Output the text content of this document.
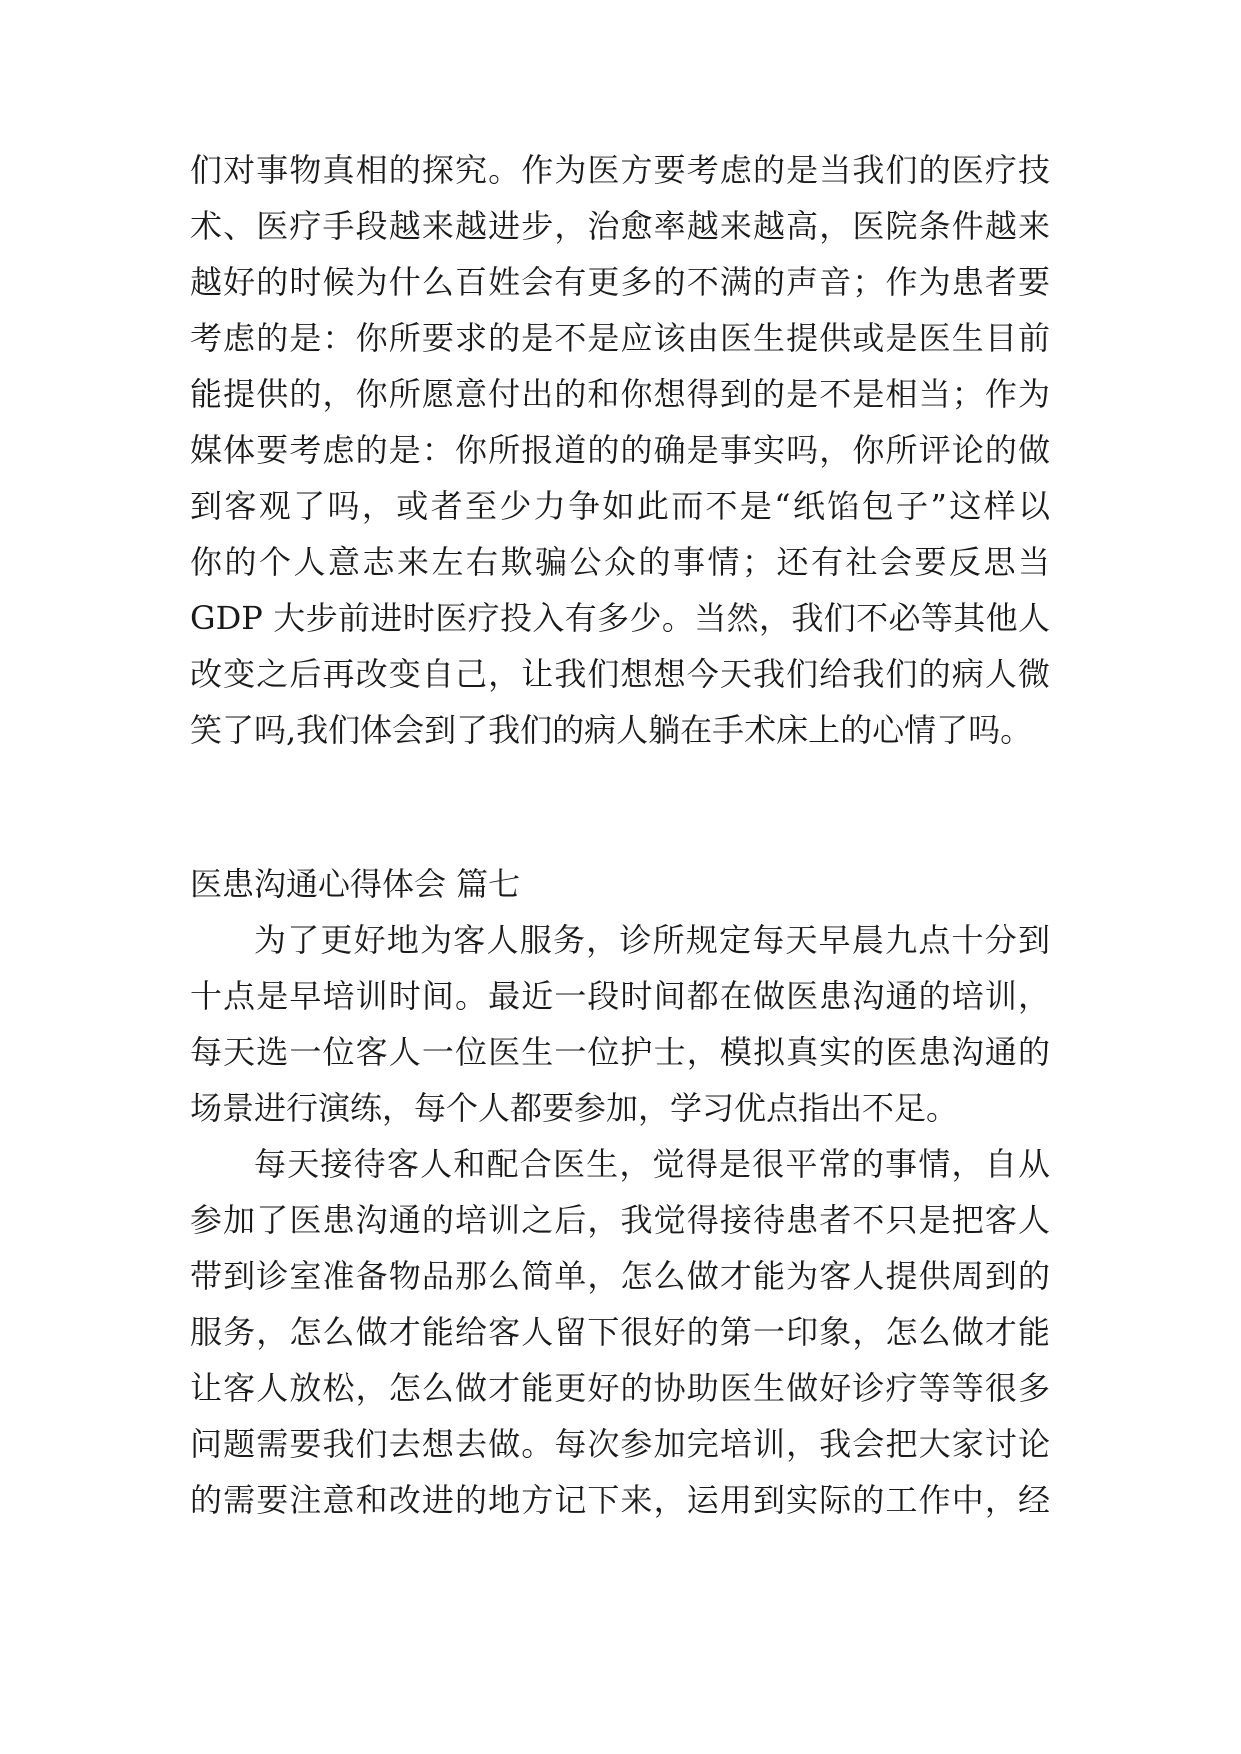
们对事物真相的探究。作为医方要考虑的是当我们的医疗技
术、医疗手段越来越进步，治愈率越来越高，医院条件越来
越好的时候为什么百姓会有更多的不满的声音；作为患者要
考虑的是：你所要求的是不是应该由医生提供或是医生目前
能提供的，你所愿意付出的和你想得到的是不是相当；作为
媒体要考虑的是：你所报道的的确是事实吗，你所评论的做
到客观了吗，或者至少力争如此而不是“纸馅包子”这样以
你的个人意志来左右欺骗公众的事情；还有社会要反思当
GDP 大步前进时医疗投入有多少。当然，我们不必等其他人
改变之后再改变自己，让我们想想今天我们给我们的病人微
笑了吗,我们体会到了我们的病人躺在手术床上的心情了吗。
医患沟通心得体会 篇七
为了更好地为客人服务，诊所规定每天早晨九点十分到
十点是早培训时间。最近一段时间都在做医患沟通的培训，
每天选一位客人一位医生一位护士，模拟真实的医患沟通的
场景进行演练，每个人都要参加，学习优点指出不足。
每天接待客人和配合医生，觉得是很平常的事情，自从
参加了医患沟通的培训之后，我觉得接待患者不只是把客人
带到诊室准备物品那么简单，怎么做才能为客人提供周到的
服务，怎么做才能给客人留下很好的第一印象，怎么做才能
让客人放松，怎么做才能更好的协助医生做好诊疗等等很多
问题需要我们去想去做。每次参加完培训，我会把大家讨论
的需要注意和改进的地方记下来，运用到实际的工作中，经
